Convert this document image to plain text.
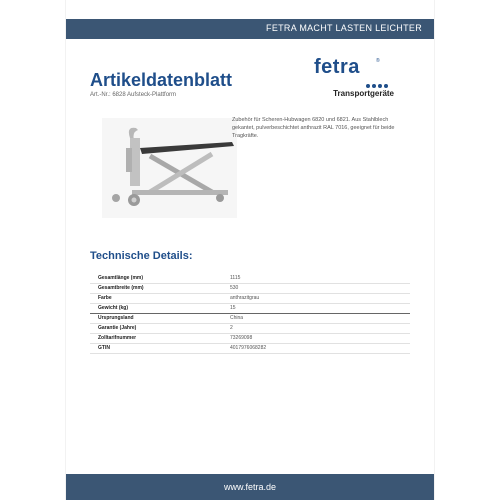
FETRA MACHT LASTEN LEICHTER
Artikeldatenblatt
Art.-Nr.: 6828 Aufsteck-Plattform
fetra	®
Transportgeräte
Zubehör für Scheren-Hubwagen 6820 und 6821. Aus Stahlblech gekantet, pulverbeschichtet anthrazit RAL 7016, geeignet für beide Tragkräfte.
Technische Details:
Gesamtlänge (mm)	1115
Gesamtbreite (mm)	530
Farbe	anthrazitgrau
Gewicht (kg)	15
Ursprungsland	China
Garantie (Jahre)	2
Zolltarifnummer	73269098
GTIN	4017976068282
www.fetra.de
